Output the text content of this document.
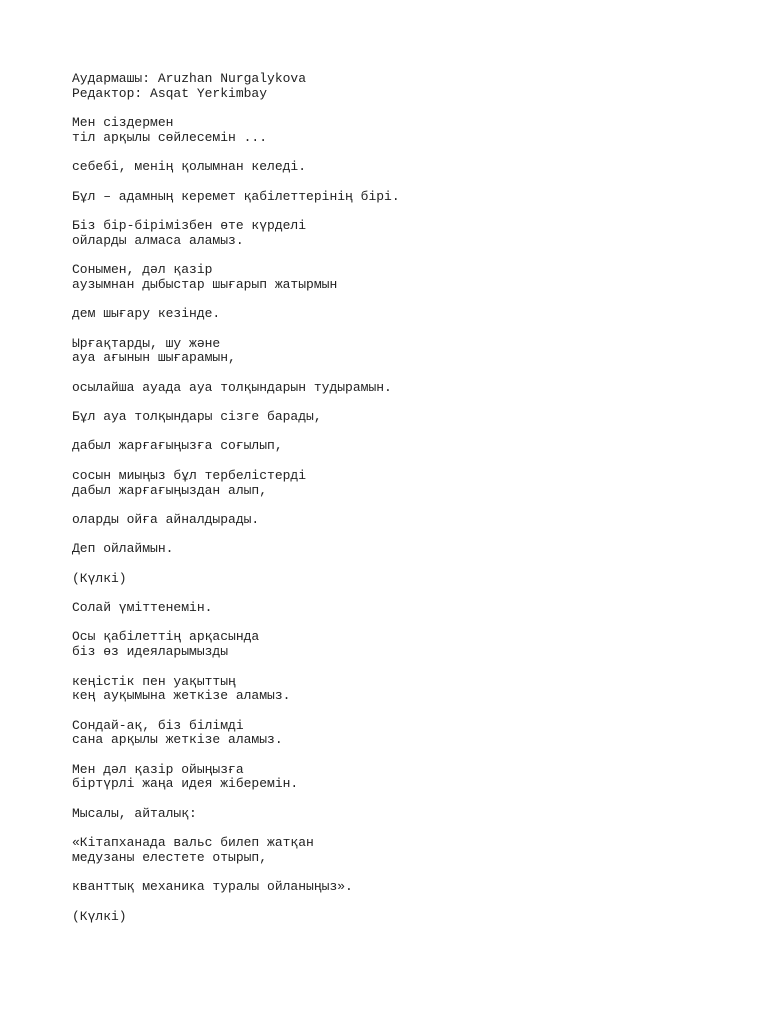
Аудармашы: Aruzhan Nurgalykova
Редактор: Asqat Yerkimbay
Мен сіздермен
тіл арқылы сөйлесемін ...
себебі, менің қолымнан келеді.
Бұл – адамның керемет қабілеттерінің бірі.
Біз бір-бірімізбен өте күрделі
ойларды алмаса аламыз.
Сонымен, дәл қазір
аузымнан дыбыстар шығарып жатырмын
дем шығару кезінде.
Ырғақтарды, шу және
ауа ағынын шығарамын,
осылайша ауада ауа толқындарын тудырамын.
Бұл ауа толқындары сізге барады,
дабыл жарғағыңызға соғылып,
сосын миыңыз бұл тербелістерді
дабыл жарғағыңыздан алып,
оларды ойға айналдырады.
Деп ойлаймын.
(Күлкі)
Солай үміттенемін.
Осы қабілеттің арқасында
біз өз идеяларымызды
кеңістік пен уақыттың
кең ауқымына жеткізе аламыз.
Сондай-ақ, біз білімді
сана арқылы жеткізе аламыз.
Мен дәл қазір ойыңызға
біртүрлі жаңа идея жіберемін.
Мысалы, айталық:
«Кітапханада вальс билеп жатқан
медузаны елестете отырып,
кванттық механика туралы ойланыңыз».
(Күлкі)
